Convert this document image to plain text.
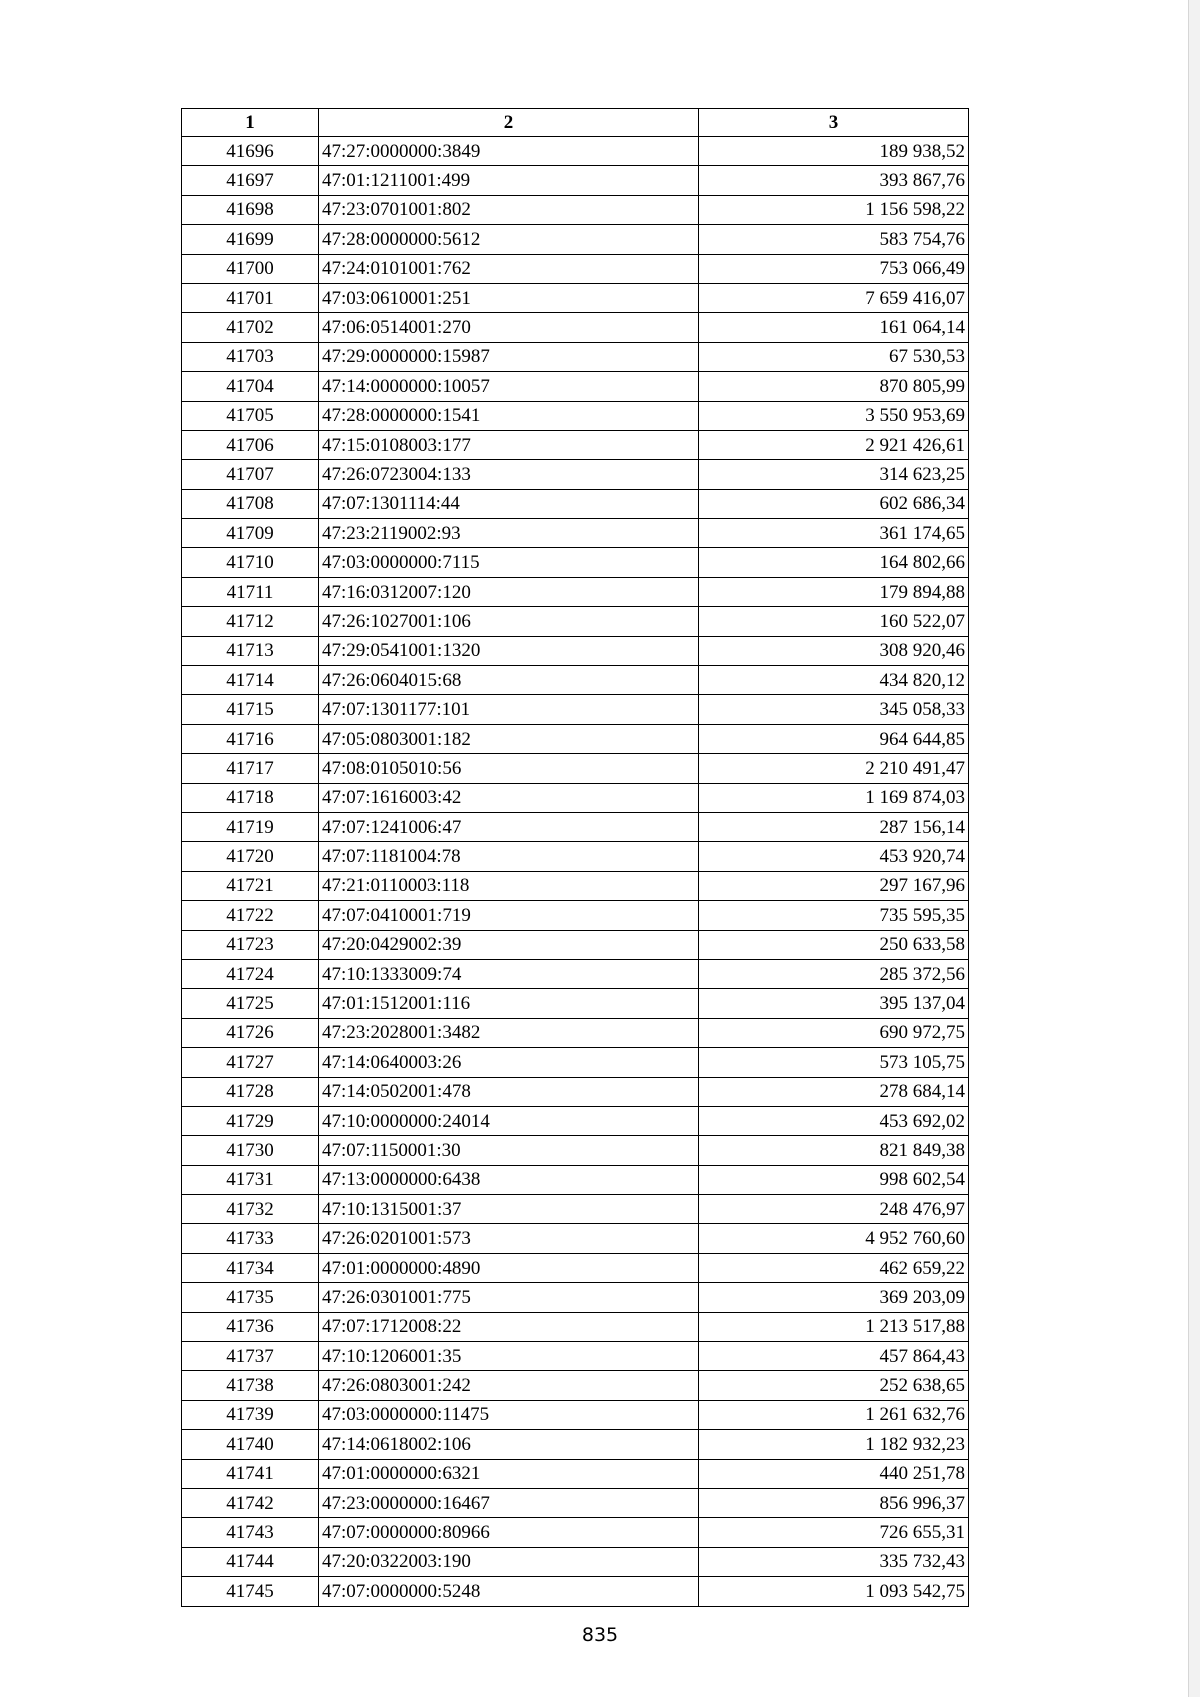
1	2	3
41696	47:27:0000000:3849	189 938,52
41697	47:01:1211001:499	393 867,76
41698	47:23:0701001:802	1 156 598,22
41699	47:28:0000000:5612	583 754,76
41700	47:24:0101001:762	753 066,49
41701	47:03:0610001:251	7 659 416,07
41702	47:06:0514001:270	161 064,14
41703	47:29:0000000:15987	67 530,53
41704	47:14:0000000:10057	870 805,99
41705	47:28:0000000:1541	3 550 953,69
41706	47:15:0108003:177	2 921 426,61
41707	47:26:0723004:133	314 623,25
41708	47:07:1301114:44	602 686,34
41709	47:23:2119002:93	361 174,65
41710	47:03:0000000:7115	164 802,66
41711	47:16:0312007:120	179 894,88
41712	47:26:1027001:106	160 522,07
41713	47:29:0541001:1320	308 920,46
41714	47:26:0604015:68	434 820,12
41715	47:07:1301177:101	345 058,33
41716	47:05:0803001:182	964 644,85
41717	47:08:0105010:56	2 210 491,47
41718	47:07:1616003:42	1 169 874,03
41719	47:07:1241006:47	287 156,14
41720	47:07:1181004:78	453 920,74
41721	47:21:0110003:118	297 167,96
41722	47:07:0410001:719	735 595,35
41723	47:20:0429002:39	250 633,58
41724	47:10:1333009:74	285 372,56
41725	47:01:1512001:116	395 137,04
41726	47:23:2028001:3482	690 972,75
41727	47:14:0640003:26	573 105,75
41728	47:14:0502001:478	278 684,14
41729	47:10:0000000:24014	453 692,02
41730	47:07:1150001:30	821 849,38
41731	47:13:0000000:6438	998 602,54
41732	47:10:1315001:37	248 476,97
41733	47:26:0201001:573	4 952 760,60
41734	47:01:0000000:4890	462 659,22
41735	47:26:0301001:775	369 203,09
41736	47:07:1712008:22	1 213 517,88
41737	47:10:1206001:35	457 864,43
41738	47:26:0803001:242	252 638,65
41739	47:03:0000000:11475	1 261 632,76
41740	47:14:0618002:106	1 182 932,23
41741	47:01:0000000:6321	440 251,78
41742	47:23:0000000:16467	856 996,37
41743	47:07:0000000:80966	726 655,31
41744	47:20:0322003:190	335 732,43
41745	47:07:0000000:5248	1 093 542,75
835
